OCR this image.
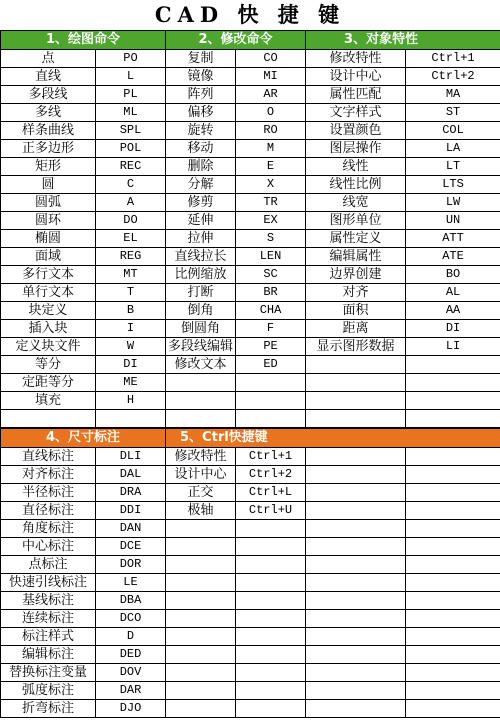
CAD 快 捷 键
1、绘图命令		2、修改命令		3、对象特性	
点	PO	复制	CO	修改特性	Ctrl+1
直线	L	镜像	MI	设计中心	Ctrl+2
多段线	PL	阵列	AR	属性匹配	MA
多线	ML	偏移	O	文字样式	ST
样条曲线	SPL	旋转	RO	设置颜色	COL
正多边形	POL	移动	M	图层操作	LA
矩形	REC	删除	E	线性	LT
圆	C	分解	X	线性比例	LTS
圆弧	A	修剪	TR	线宽	LW
圆环	DO	延伸	EX	图形单位	UN
椭圆	EL	拉伸	S	属性定义	ATT
面域	REG	直线拉长	LEN	编辑属性	ATE
多行文本	MT	比例缩放	SC	边界创建	BO
单行文本	T	打断	BR	对齐	AL
块定义	B	倒角	CHA	面积	AA
插入块	I	倒圆角	F	距离	DI
定义块文件	W	多段线编辑	PE	显示图形数据	LI
等分	DI	修改文本	ED		
定距等分	ME				
填充	H				

4、尺寸标注		5、Ctrl快捷键			
直线标注	DLI	修改特性	Ctrl+1		
对齐标注	DAL	设计中心	Ctrl+2		
半径标注	DRA	正交	Ctrl+L		
直径标注	DDI	极轴	Ctrl+U		
角度标注	DAN				
中心标注	DCE				
点标注	DOR				
快速引线标注	LE				
基线标注	DBA				
连续标注	DCO				
标注样式	D				
编辑标注	DED				
替换标注变量	DOV				
弧度标注	DAR				
折弯标注	DJO				
